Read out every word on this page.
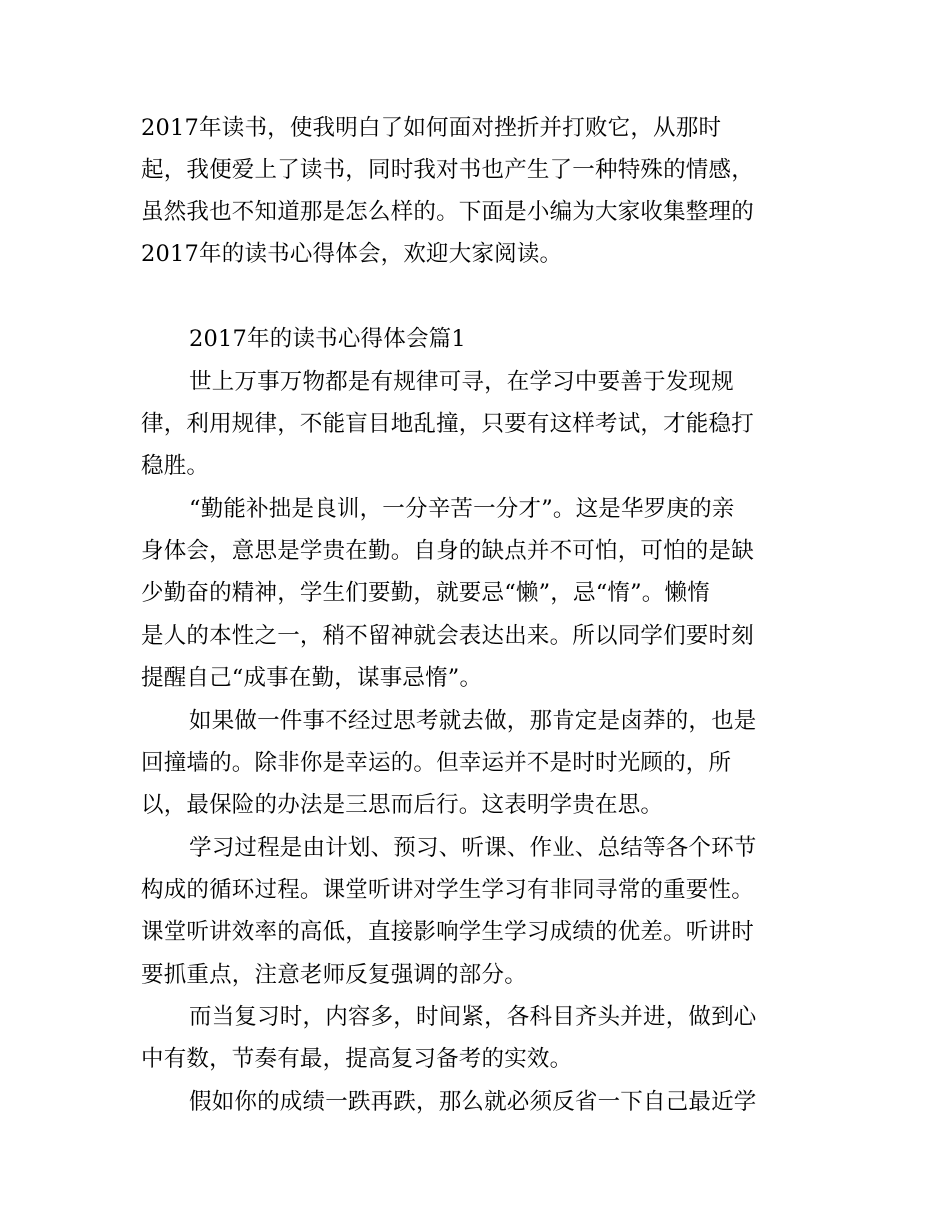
2017年读书，使我明白了如何面对挫折并打败它，从那时
起，我便爱上了读书，同时我对书也产生了一种特殊的情感，
虽然我也不知道那是怎么样的。下面是小编为大家收集整理的
2017年的读书心得体会，欢迎大家阅读。
2017年的读书心得体会篇1
世上万事万物都是有规律可寻，在学习中要善于发现规
律，利用规律，不能盲目地乱撞，只要有这样考试，才能稳打
稳胜。
“勤能补拙是良训，一分辛苦一分才”。这是华罗庚的亲
身体会，意思是学贵在勤。自身的缺点并不可怕，可怕的是缺
少勤奋的精神，学生们要勤，就要忌“懒”，忌“惰”。懒惰
是人的本性之一，稍不留神就会表达出来。所以同学们要时刻
提醒自己“成事在勤，谋事忌惰”。
如果做一件事不经过思考就去做，那肯定是卤莽的，也是
回撞墙的。除非你是幸运的。但幸运并不是时时光顾的，所
以，最保险的办法是三思而后行。这表明学贵在思。
学习过程是由计划、预习、听课、作业、总结等各个环节
构成的循环过程。课堂听讲对学生学习有非同寻常的重要性。
课堂听讲效率的高低，直接影响学生学习成绩的优差。听讲时
要抓重点，注意老师反复强调的部分。
而当复习时，内容多，时间紧，各科目齐头并进，做到心
中有数，节奏有最，提高复习备考的实效。
假如你的成绩一跌再跌，那么就必须反省一下自己最近学
